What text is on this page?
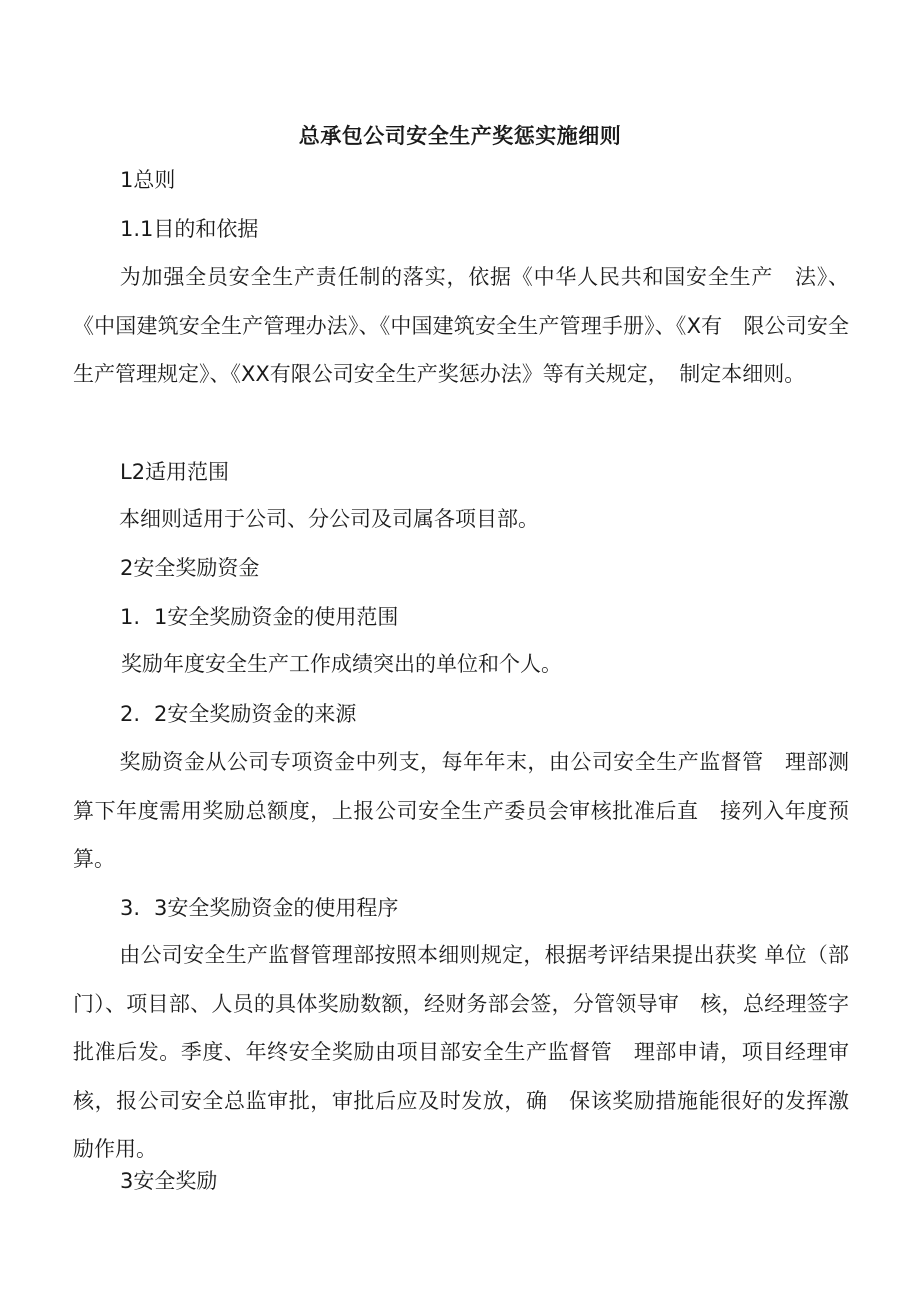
总承包公司安全生产奖惩实施细则
1总则
1.1目的和依据
为加强全员安全生产责任制的落实，依据《中华人民共和国安全生产　法》、《中国建筑安全生产管理办法》、《中国建筑安全生产管理手册》、《X有　限公司安全生产管理规定》、《XX有限公司安全生产奖惩办法》等有关规定，　制定本细则。
L2适用范围
本细则适用于公司、分公司及司属各项目部。
2安全奖励资金
1. 1安全奖励资金的使用范围
奖励年度安全生产工作成绩突出的单位和个人。
2. 2安全奖励资金的来源
奖励资金从公司专项资金中列支，每年年末，由公司安全生产监督管　理部测算下年度需用奖励总额度，上报公司安全生产委员会审核批准后直　接列入年度预算。
3. 3安全奖励资金的使用程序
由公司安全生产监督管理部按照本细则规定，根据考评结果提出获奖 单位（部门）、项目部、人员的具体奖励数额，经财务部会签，分管领导审　核，总经理签字批准后发。季度、年终安全奖励由项目部安全生产监督管　理部申请，项目经理审核，报公司安全总监审批，审批后应及时发放，确　保该奖励措施能很好的发挥激励作用。
3安全奖励
